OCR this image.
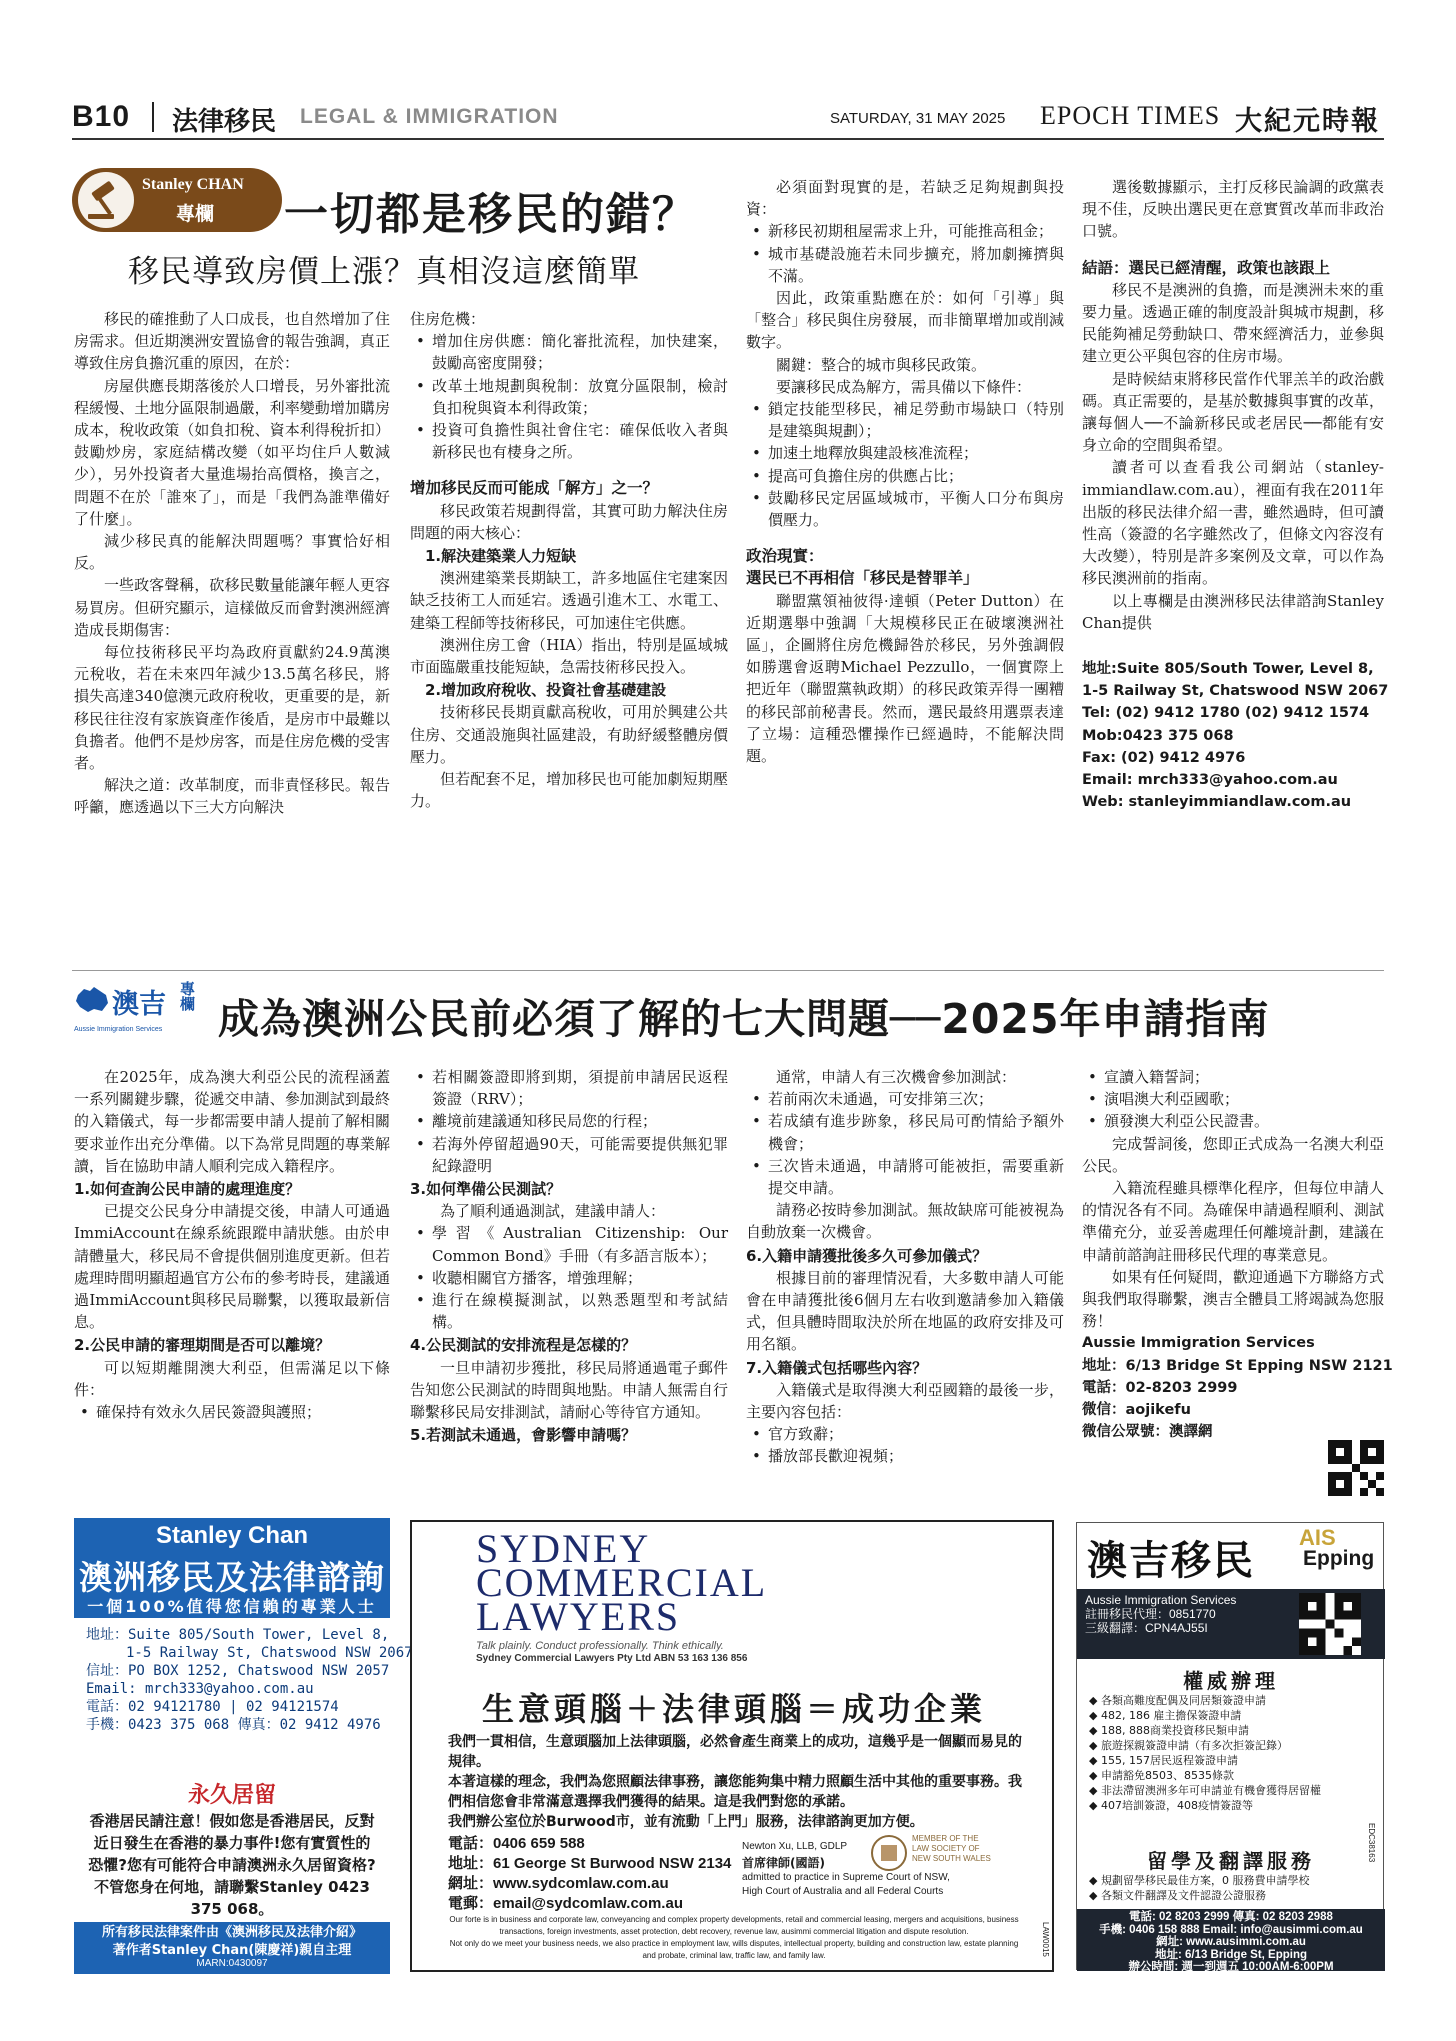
B10 法律移民 LEGAL & IMMIGRATION	SATURDAY, 31 MAY 2025 EPOCH TIMES 大紀元時報
Stanley CHAN
專欄 一切都是移民的錯？
移民導致房價上漲？真相沒這麼簡單

移民的確推動了人口成長，也自然增加了住房需求。但近期澳洲安置協會的報告強調，真正導致住房負擔沉重的原因，在於：

房屋供應長期落後於人口增長，另外審批流程緩慢、土地分區限制過嚴，利率變動增加購房成本，稅收政策（如負扣稅、資本利得稅折扣）鼓勵炒房，家庭結構改變（如平均住戶人數減少），另外投資者大量進場抬高價格，換言之，問題不在於「誰來了」，而是「我們為誰準備好了什麼」。

減少移民真的能解決問題嗎？事實恰好相反。

一些政客聲稱，砍移民數量能讓年輕人更容易買房。但研究顯示，這樣做反而會對澳洲經濟造成長期傷害：

每位技術移民平均為政府貢獻約24.9萬澳元稅收，若在未來四年減少13.5萬名移民，將損失高達340億澳元政府稅收，更重要的是，新移民往往沒有家族資產作後盾，是房市中最難以負擔者。他們不是炒房客，而是住房危機的受害者。

解決之道：改革制度，而非責怪移民。報告呼籲，應透過以下三大方向解決

住房危機：

• 增加住房供應：簡化審批流程，加快建案，鼓勵高密度開發；
• 改革土地規劃與稅制：放寬分區限制，檢討負扣稅與資本利得政策；
• 投資可負擔性與社會住宅：確保低收入者與新移民也有棲身之所。

增加移民反而可能成「解方」之一？

移民政策若規劃得當，其實可助力解決住房問題的兩大核心：

1.解決建築業人力短缺

澳洲建築業長期缺工，許多地區住宅建案因缺乏技術工人而延宕。透過引進木工、水電工、建築工程師等技術移民，可加速住宅供應。

澳洲住房工會（HIA）指出，特別是區域城市面臨嚴重技能短缺，急需技術移民投入。

2.增加政府稅收、投資社會基礎建設

技術移民長期貢獻高稅收，可用於興建公共住房、交通設施與社區建設，有助紓緩整體房價壓力。

但若配套不足，增加移民也可能加劇短期壓力。

必須面對現實的是，若缺乏足夠規劃與投資：

• 新移民初期租屋需求上升，可能推高租金；
• 城市基礎設施若未同步擴充，將加劇擁擠與不滿。

因此，政策重點應在於：如何「引導」與「整合」移民與住房發展，而非簡單增加或削減數字。

關鍵：整合的城市與移民政策。

要讓移民成為解方，需具備以下條件：

• 鎖定技能型移民，補足勞動市場缺口（特別是建築與規劃）；
• 加速土地釋放與建設核准流程；
• 提高可負擔住房的供應占比；
• 鼓勵移民定居區域城市，平衡人口分布與房價壓力。

政治現實：

選民已不再相信「移民是替罪羊」

聯盟黨領袖彼得·達頓（Peter Dutton）在近期選舉中強調「大規模移民正在破壞澳洲社區」，企圖將住房危機歸咎於移民，另外強調假如勝選會返聘Michael Pezzullo，一個實際上把近年（聯盟黨執政期）的移民政策弄得一團糟的移民部前秘書長。然而，選民最終用選票表達了立場：這種恐懼操作已經過時，不能解決問題。

選後數據顯示，主打反移民論調的政黨表現不佳，反映出選民更在意實質改革而非政治口號。

結語：選民已經清醒，政策也該跟上

移民不是澳洲的負擔，而是澳洲未來的重要力量。透過正確的制度設計與城市規劃，移民能夠補足勞動缺口、帶來經濟活力，並參與建立更公平與包容的住房市場。

是時候結束將移民當作代罪羔羊的政治戲碼。真正需要的，是基於數據與事實的改革，讓每個人──不論新移民或老居民──都能有安身立命的空間與希望。

讀者可以查看我公司網站（stanley-immiandlaw.com.au），裡面有我在2011年出版的移民法律介紹一書，雖然過時，但可讀性高（簽證的名字雖然改了，但條文內容沒有大改變），特別是許多案例及文章，可以作為移民澳洲前的指南。

以上專欄是由澳洲移民法律諮詢Stanley Chan提供

地址:Suite 805/South Tower, Level 8,
1-5 Railway St, Chatswood NSW 2067
Tel: (02) 9412 1780 (02) 9412 1574
Mob:0423 375 068
Fax: (02) 9412 4976
Email: mrch333@yahoo.com.au
Web: stanleyimmiandlaw.com.au
澳吉 專欄
Aussie Immigration Services 成為澳洲公民前必須了解的七大問題──2025年申請指南

在2025年，成為澳大利亞公民的流程涵蓋一系列關鍵步驟，從遞交申請、參加測試到最終的入籍儀式，每一步都需要申請人提前了解相關要求並作出充分準備。以下為常見問題的專業解讀，旨在協助申請人順利完成入籍程序。

1.如何查詢公民申請的處理進度？

已提交公民身分申請提交後，申請人可通過ImmiAccount在線系統跟蹤申請狀態。由於申請體量大，移民局不會提供個別進度更新。但若處理時間明顯超過官方公布的參考時長，建議通過ImmiAccount與移民局聯繫，以獲取最新信息。

2.公民申請的審理期間是否可以離境？

可以短期離開澳大利亞，但需滿足以下條件：

• 確保持有效永久居民簽證與護照；
• 若相關簽證即將到期，須提前申請居民返程簽證（RRV）；
• 離境前建議通知移民局您的行程；
• 若海外停留超過90天，可能需要提供無犯罪紀錄證明

3.如何準備公民測試？

為了順利通過測試，建議申請人：

• 學習《Australian Citizenship: Our Common Bond》手冊（有多語言版本）；
• 收聽相關官方播客，增強理解；
• 進行在線模擬測試，以熟悉題型和考試結構。

4.公民測試的安排流程是怎樣的？

一旦申請初步獲批，移民局將通過電子郵件告知您公民測試的時間與地點。申請人無需自行聯繫移民局安排測試，請耐心等待官方通知。

5.若測試未通過，會影響申請嗎？

通常，申請人有三次機會參加測試：

• 若前兩次未通過，可安排第三次；
• 若成績有進步跡象，移民局可酌情給予額外機會；
• 三次皆未通過，申請將可能被拒，需要重新提交申請。

請務必按時參加測試。無故缺席可能被視為自動放棄一次機會。

6.入籍申請獲批後多久可參加儀式？

根據目前的審理情況看，大多數申請人可能會在申請獲批後6個月左右收到邀請參加入籍儀式，但具體時間取決於所在地區的政府安排及可用名額。

7.入籍儀式包括哪些內容？

入籍儀式是取得澳大利亞國籍的最後一步，主要內容包括：

• 官方致辭；
• 播放部長歡迎視頻；
• 宣讀入籍誓詞；
• 演唱澳大利亞國歌；
• 頒發澳大利亞公民證書。

完成誓詞後，您即正式成為一名澳大利亞公民。

入籍流程雖具標準化程序，但每位申請人的情況各有不同。為確保申請過程順利、測試準備充分，並妥善處理任何離境計劃，建議在申請前諮詢註冊移民代理的專業意見。

如果有任何疑問，歡迎通過下方聯絡方式與我們取得聯繫，澳吉全體員工將竭誠為您服務！

Aussie Immigration Services
地址：6/13 Bridge St Epping NSW 2121
電話：02-8203 2999
微信：aojikefu
微信公眾號：澳譯網
Stanley Chan
澳洲移民及法律諮詢
一個100%值得您信賴的專業人士
地址：Suite 805/South Tower, Level 8,
1-5 Railway St, Chatswood NSW 2067
信址：PO BOX 1252, Chatswood NSW 2057
Email: mrch333@yahoo.com.au
電話：02 94121780 | 02 94121574
手機：0423 375 068 傳真：02 9412 4976
永久居留
香港居民請注意！假如您是香港居民，反對近日發生在香港的暴力事件!您有實質性的恐懼?您有可能符合申請澳洲永久居留資格?不管您身在何地，請聯繫Stanley 0423 375 068。
所有移民法律案件由《澳洲移民及法律介紹》
著作者Stanley Chan(陳慶祥)親自主理
MARN:0430097
SYDNEY
COMMERCIAL
LAWYERS
Talk plainly. Conduct professionally. Think ethically.
Sydney Commercial Lawyers Pty Ltd ABN 53 163 136 856
生意頭腦＋法律頭腦＝成功企業
我們一貫相信，生意頭腦加上法律頭腦，必然會產生商業上的成功，這幾乎是一個顯而易見的規律。
本著這樣的理念，我們為您照顧法律事務，讓您能夠集中精力照顧生活中其他的重要事務。我們相信您會非常滿意選擇我們獲得的結果。這是我們對您的承諾。
我們辦公室位於Burwood市，並有流動「上門」服務，法律諮詢更加方便。
電話：0406 659 588
地址：61 George St Burwood NSW 2134
網址：www.sydcomlaw.com.au
電郵：email@sydcomlaw.com.au
Newton Xu, LLB, GDLP
首席律師(國語)
admitted to practice in Supreme Court of NSW,
High Court of Australia and all Federal Courts
MEMBER OF THE LAW SOCIETY OF NEW SOUTH WALES
Our forte is in business and corporate law, conveyancing and complex property developments, retail and commercial leasing, mergers and acquisitions, business transactions, foreign investments, asset protection, debt recovery, revenue law, ausimmi commercial litigation and dispute resolution.
Not only do we meet your business needs, we also practice in employment law, wills disputes, intellectual property, building and construction law, estate planning and probate, criminal law, traffic law, and family law.	LAW0015
澳吉移民
AIS
Epping
Aussie Immigration Services
註冊移民代理：0851770
三級翻譯：CPN4AJ55I
權威辦理
◆ 各類高難度配偶及同居類簽證申請
◆ 482, 186 雇主擔保簽證申請
◆ 188, 888商業投資移民類申請
◆ 旅遊探親簽證申請（有多次拒簽記錄）
◆ 155, 157居民返程簽證申請
◆ 申請豁免8503、8535條款
◆ 非法滯留澳洲多年可申請並有機會獲得居留權
◆ 407培訓簽證，408疫情簽證等
留學及翻譯服務
◆ 規劃留學移民最佳方案，0 服務費申請學校
◆ 各類文件翻譯及文件認證公證服務
電話: 02 8203 2999 傳真: 02 8203 2988
手機: 0406 158 888 Email: info@ausimmi.com.au
網址: www.ausimmi.com.au
地址: 6/13 Bridge St, Epping
辦公時間: 週一到週五 10:00AM-6:00PM
週六、週日請預約
EDC38163
